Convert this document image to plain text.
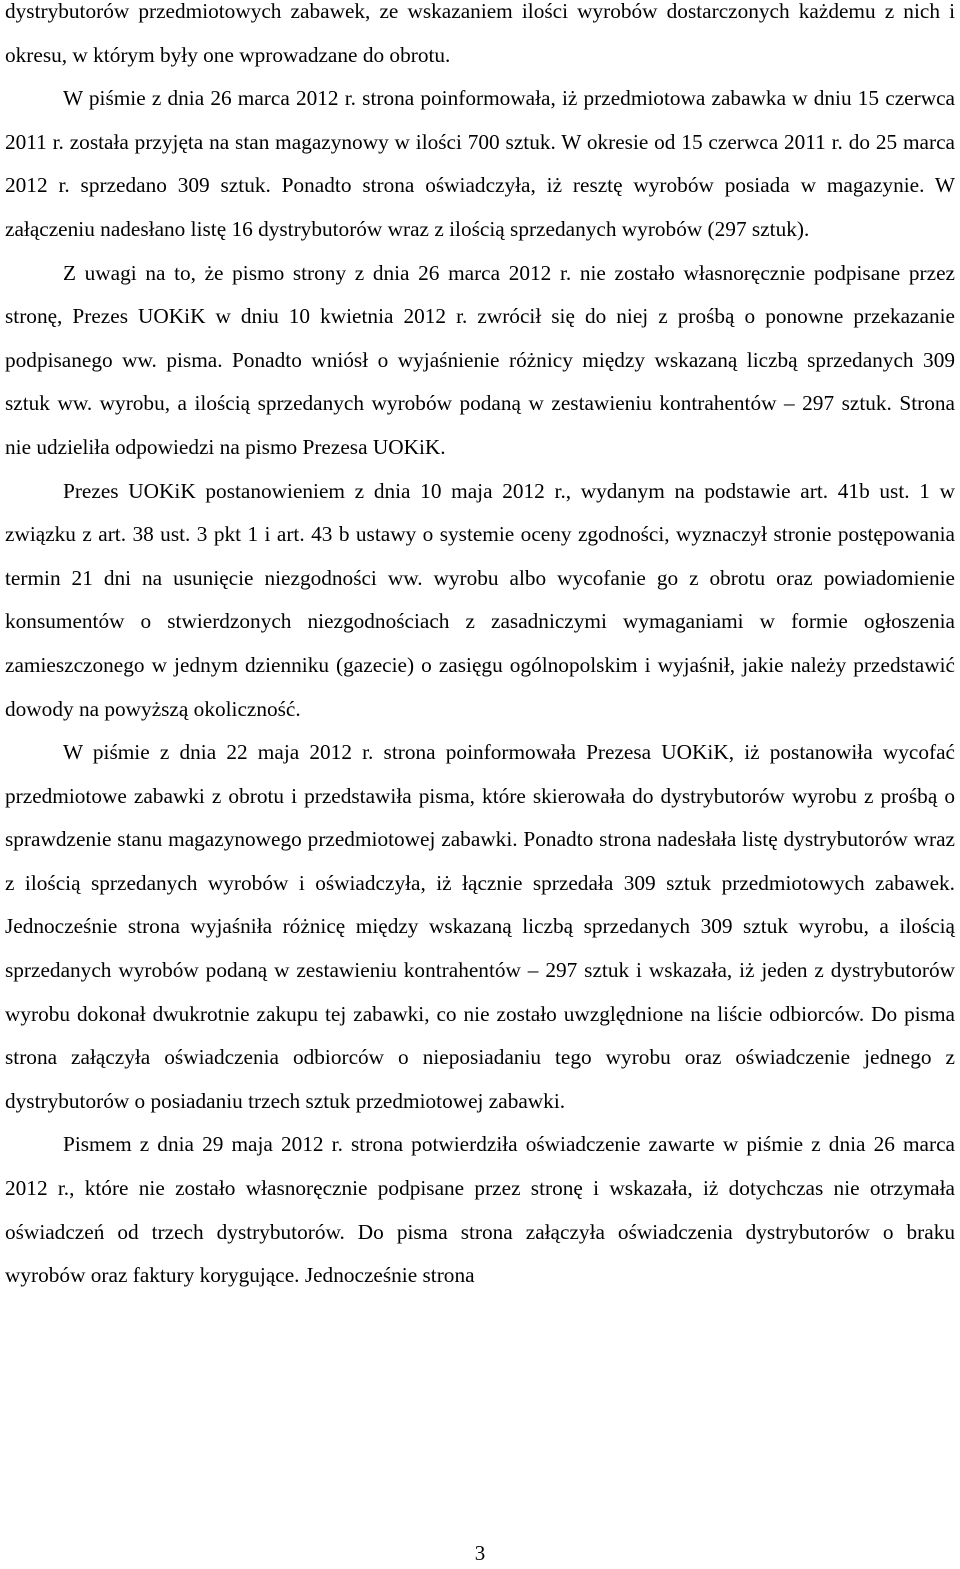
dystrybutorów przedmiotowych zabawek, ze wskazaniem ilości wyrobów dostarczonych każdemu z nich i okresu, w którym były one wprowadzane do obrotu.

W piśmie z dnia 26 marca 2012 r. strona poinformowała, iż przedmiotowa zabawka w dniu 15 czerwca 2011 r. została przyjęta na stan magazynowy w ilości 700 sztuk. W okresie od 15 czerwca 2011 r. do 25 marca 2012 r. sprzedano 309 sztuk. Ponadto strona oświadczyła, iż resztę wyrobów posiada w magazynie. W załączeniu nadesłano listę 16 dystrybutorów wraz z ilością sprzedanych wyrobów (297 sztuk).

Z uwagi na to, że pismo strony z dnia 26 marca 2012 r. nie zostało własnoręcznie podpisane przez stronę, Prezes UOKiK w dniu 10 kwietnia 2012 r. zwrócił się do niej z prośbą o ponowne przekazanie podpisanego ww. pisma. Ponadto wniósł o wyjaśnienie różnicy między wskazaną liczbą sprzedanych 309 sztuk ww. wyrobu, a ilością sprzedanych wyrobów podaną w zestawieniu kontrahentów – 297 sztuk. Strona nie udzieliła odpowiedzi na pismo Prezesa UOKiK.

Prezes UOKiK postanowieniem z dnia 10 maja 2012 r., wydanym na podstawie art. 41b ust. 1 w związku z art. 38 ust. 3 pkt 1 i art. 43 b ustawy o systemie oceny zgodności, wyznaczył stronie postępowania termin 21 dni na usunięcie niezgodności ww. wyrobu albo wycofanie go z obrotu oraz powiadomienie konsumentów o stwierdzonych niezgodnościach z zasadniczymi wymaganiami w formie ogłoszenia zamieszczonego w jednym dzienniku (gazecie) o zasięgu ogólnopolskim i wyjaśnił, jakie należy przedstawić dowody na powyższą okoliczność.

W piśmie z dnia 22 maja 2012 r. strona poinformowała Prezesa UOKiK, iż postanowiła wycofać przedmiotowe zabawki z obrotu i przedstawiła pisma, które skierowała do dystrybutorów wyrobu z prośbą o sprawdzenie stanu magazynowego przedmiotowej zabawki. Ponadto strona nadesłała listę dystrybutorów wraz z ilością sprzedanych wyrobów i oświadczyła, iż łącznie sprzedała 309 sztuk przedmiotowych zabawek. Jednocześnie strona wyjaśniła różnicę między wskazaną liczbą sprzedanych 309 sztuk wyrobu, a ilością sprzedanych wyrobów podaną w zestawieniu kontrahentów – 297 sztuk i wskazała, iż jeden z dystrybutorów wyrobu dokonał dwukrotnie zakupu tej zabawki, co nie zostało uwzględnione na liście odbiorców. Do pisma strona załączyła oświadczenia odbiorców o nieposiadaniu tego wyrobu oraz oświadczenie jednego z dystrybutorów o posiadaniu trzech sztuk przedmiotowej zabawki.

Pismem z dnia 29 maja 2012 r. strona potwierdziła oświadczenie zawarte w piśmie z dnia 26 marca 2012 r., które nie zostało własnoręcznie podpisane przez stronę i wskazała, iż dotychczas nie otrzymała oświadczeń od trzech dystrybutorów. Do pisma strona załączyła oświadczenia dystrybutorów o braku wyrobów oraz faktury korygujące. Jednocześnie strona

3
